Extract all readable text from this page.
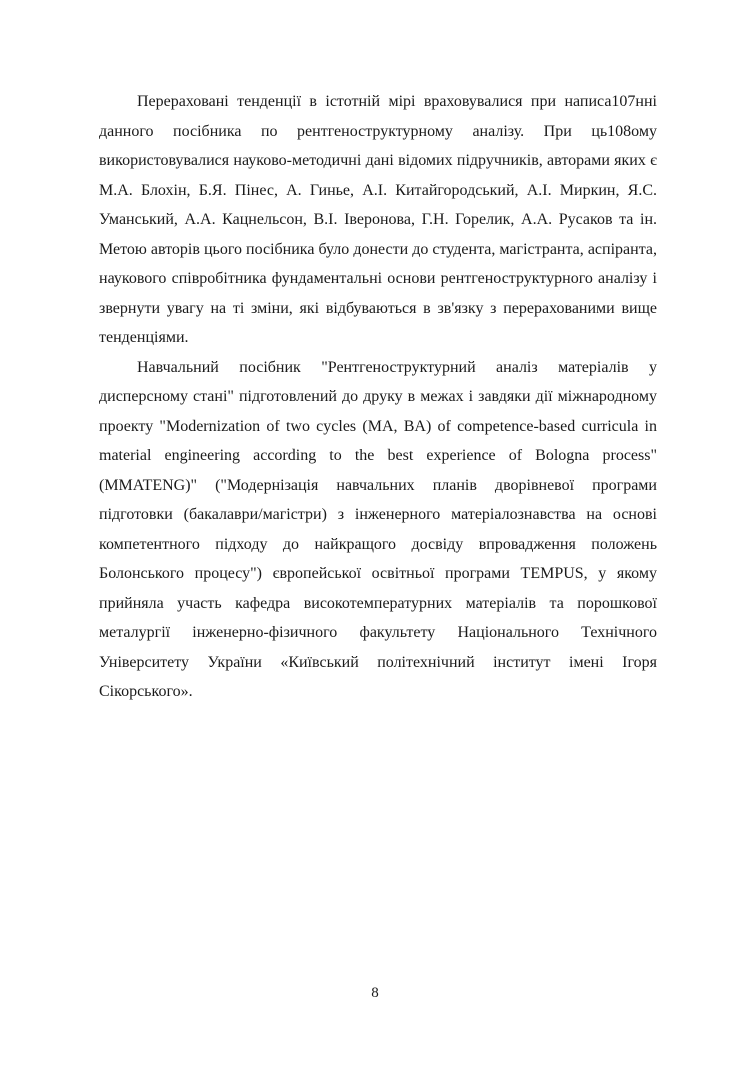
Перераховані тенденції в істотній мірі враховувалися при написа107нні данного посібника по рентгеноструктурному аналізу. При ць108ому використовувалися науково-методичні дані відомих підручників, авторами яких є М.А. Блохін, Б.Я. Пінес, А. Гинье, А.І. Китайгородський, А.І. Миркин, Я.С. Уманський, А.А. Кацнельсон, В.І. Іверонова, Г.Н. Горелик, А.А. Русаков та ін. Метою авторів цього посібника було донести до студента, магістранта, аспіранта, наукового співробітника фундаментальні основи рентгеноструктурного аналізу і звернути увагу на ті зміни, які відбуваються в зв'язку з перерахованими вище тенденціями.

Навчальний посібник "Рентгеноструктурний аналіз матеріалів у дисперсному стані" підготовлений до друку в межах і завдяки дії міжнародному проекту "Modernization of two cycles (MA, BA) of competence-based curricula in material engineering according to the best experience of Bologna process" (MMATENG)" ("Модернізація навчальних планів дворівневої програми підготовки (бакалаври/магістри) з інженерного матеріалознавства на основі компетентного підходу до найкращого досвіду впровадження положень Болонського процесу") європейської освітньої програми TEMPUS, у якому прийняла участь кафедра високотемпературних матеріалів та порошкової металургії інженерно-фізичного факультету Національного Технічного Університету України «Київський політехнічний інститут імені Ігоря Сікорського».

8
